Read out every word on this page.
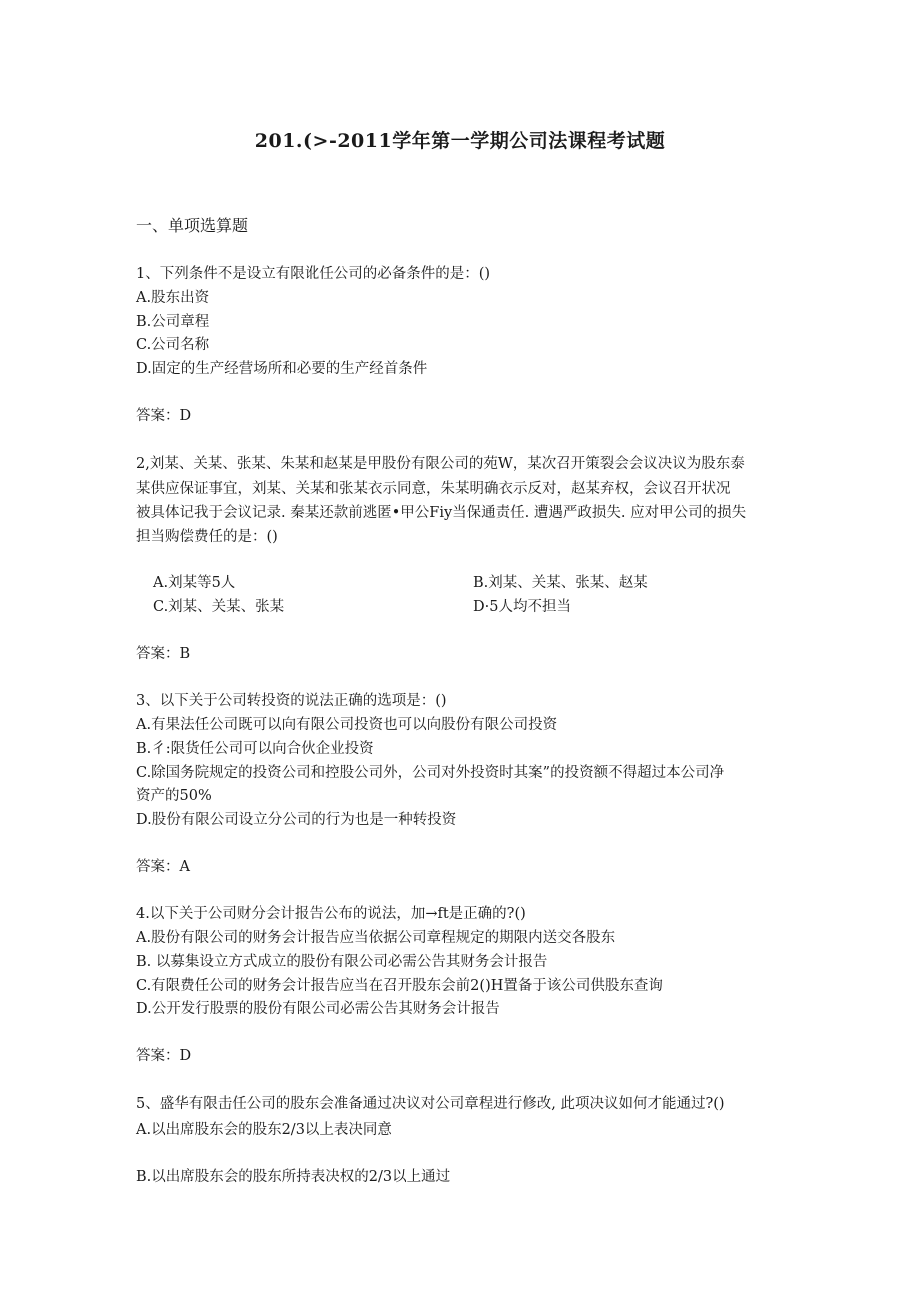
201.(>-2011学年第一学期公司法课程考试题
一、单项选算题
1、下列条件不是设立有限讹任公司的必备条件的是：()
A.股东出资
B.公司章程
C.公司名称
D.固定的生产经营场所和必要的生产经首条件
答案：D
2,刘某、关某、张某、朱某和赵某是甲股份有限公司的苑W，某次召开策裂会会议决议为股东泰
某供应保证事宜，刘某、关某和张某衣示同意，朱某明确衣示反对，赵某弃权，会议召开状况
被具体记我于会议记录. 秦某还款前逃匿•甲公Fiy当保通责任. 遭遇严政损失. 应对甲公司的损失
担当购偿费任的是：()
A.刘某等5人	B.刘某、关某、张某、赵某
C.刘某、关某、张某	D·5人均不担当
答案：B
3、以下关于公司转投资的说法正确的选项是：()
A.有果法任公司既可以向有限公司投资也可以向股份有限公司投资
B.彳:限货任公司可以向合伙企业投资
C.除国务院规定的投资公司和控股公司外，公司对外投资时其案”的投资额不得超过本公司净
资产的50%
D.股份有限公司设立分公司的行为也是一种转投资
答案：A
4.以下关于公司财分会计报告公布的说法，加→ft是正确的?()
A.股份有限公司的财务会计报告应当依据公司章程规定的期限内送交各股东
B. 以募集设立方式成立的股份有限公司必需公告其财务会计报告
C.有限费任公司的财务会计报告应当在召开股东会前2()H置备于该公司供股东查询
D.公开发行股票的股份有限公司必需公告其财务会计报告
答案：D
5、盛华有限击任公司的股东会准备通过决议对公司章程进行修改, 此项决议如何才能通过?()
A.以出席股东会的股东2/3以上表决同意
B.以出席股东会的股东所持表决权的2/3以上通过
